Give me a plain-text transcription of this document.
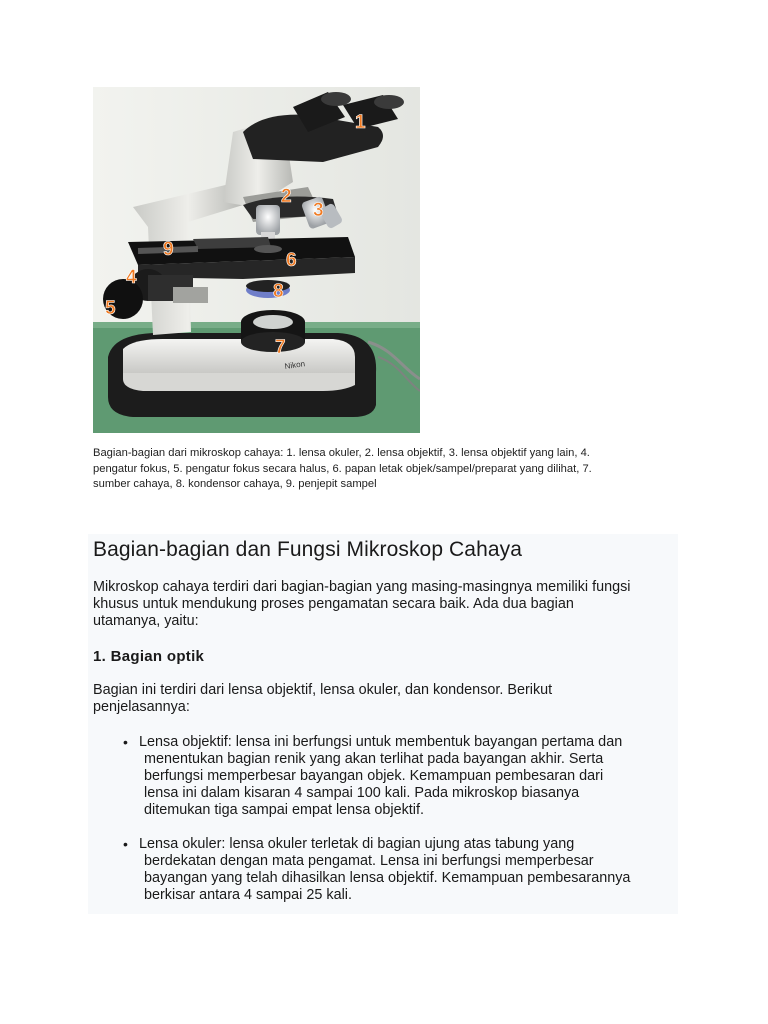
Nikon
1
2
3
4
5
6
7
8
9
Bagian-bagian dari mikroskop cahaya: 1. lensa okuler, 2. lensa objektif, 3. lensa objektif yang lain, 4.
pengatur fokus, 5. pengatur fokus secara halus, 6. papan letak objek/sampel/preparat yang dilihat, 7.
sumber cahaya, 8. kondensor cahaya, 9. penjepit sampel
Bagian-bagian dan Fungsi Mikroskop Cahaya
Mikroskop cahaya terdiri dari bagian-bagian yang masing-masingnya memiliki fungsi
khusus untuk mendukung proses pengamatan secara baik. Ada dua bagian
utamanya, yaitu:
1. Bagian optik
Bagian ini terdiri dari lensa objektif, lensa okuler, dan kondensor. Berikut
penjelasannya:
• Lensa objektif: lensa ini berfungsi untuk membentuk bayangan pertama dan
menentukan bagian renik yang akan terlihat pada bayangan akhir. Serta
berfungsi memperbesar bayangan objek. Kemampuan pembesaran dari
lensa ini dalam kisaran 4 sampai 100 kali. Pada mikroskop biasanya
ditemukan tiga sampai empat lensa objektif.
• Lensa okuler: lensa okuler terletak di bagian ujung atas tabung yang
berdekatan dengan mata pengamat. Lensa ini berfungsi memperbesar
bayangan yang telah dihasilkan lensa objektif. Kemampuan pembesarannya
berkisar antara 4 sampai 25 kali.
